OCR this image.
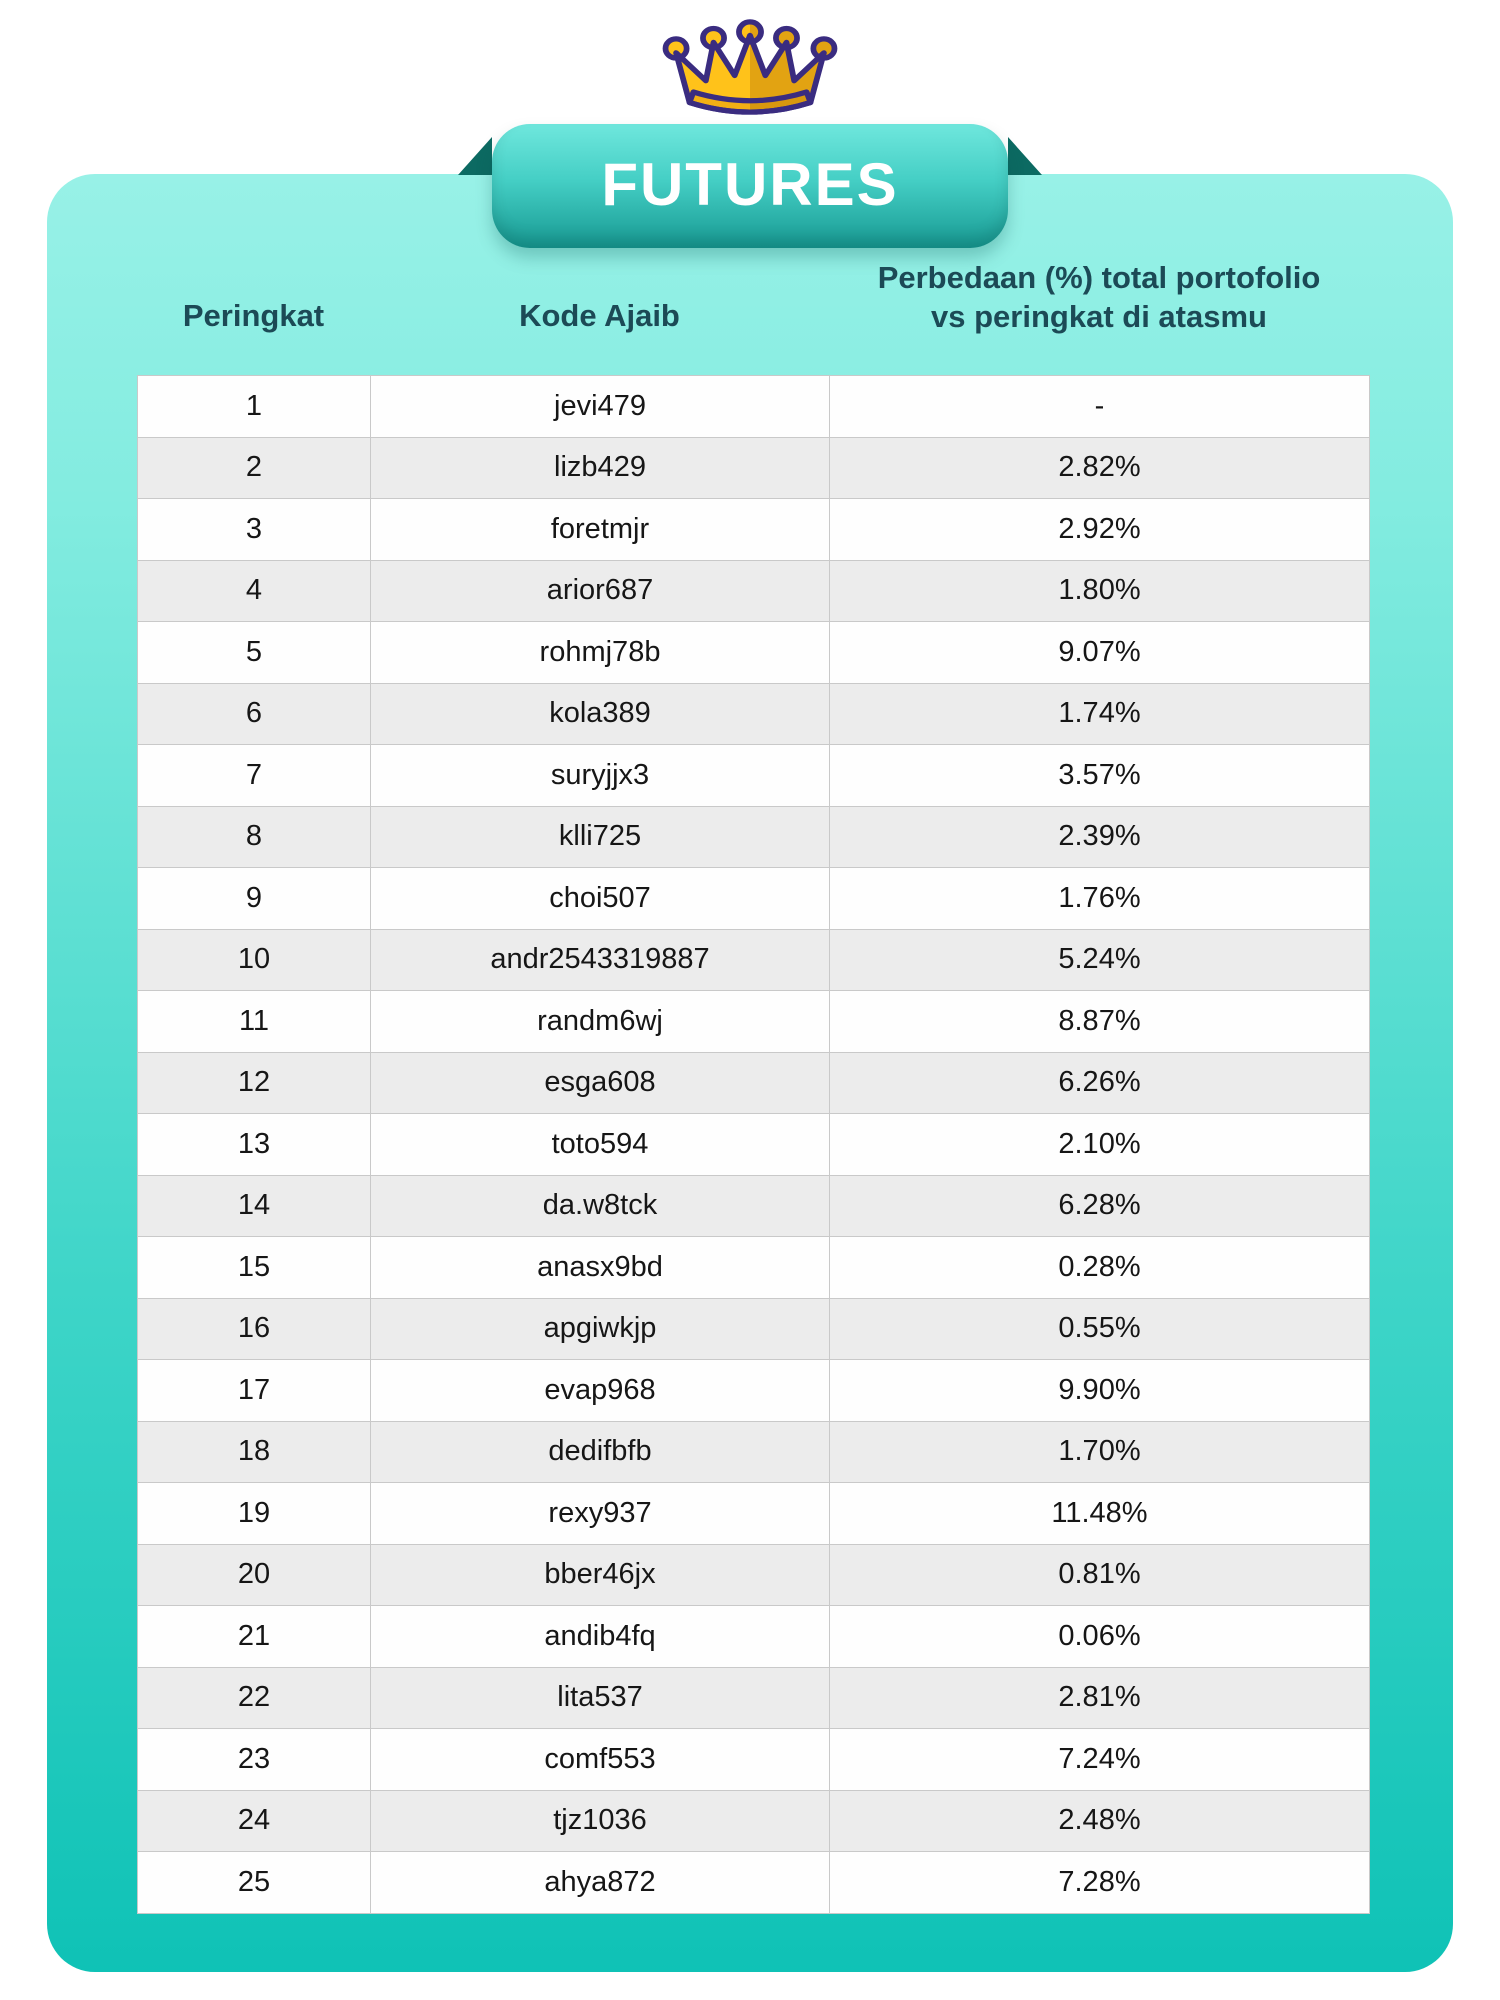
FUTURES
Peringkat	Kode Ajaib
Perbedaan (%) total portofolio
vs peringkat di atasmu
1	jevi479	-
2	lizb429	2.82%
3	foretmjr	2.92%
4	arior687	1.80%
5	rohmj78b	9.07%
6	kola389	1.74%
7	suryjjx3	3.57%
8	klli725	2.39%
9	choi507	1.76%
10	andr2543319887	5.24%
11	randm6wj	8.87%
12	esga608	6.26%
13	toto594	2.10%
14	da.w8tck	6.28%
15	anasx9bd	0.28%
16	apgiwkjp	0.55%
17	evap968	9.90%
18	dedifbfb	1.70%
19	rexy937	11.48%
20	bber46jx	0.81%
21	andib4fq	0.06%
22	lita537	2.81%
23	comf553	7.24%
24	tjz1036	2.48%
25	ahya872	7.28%
